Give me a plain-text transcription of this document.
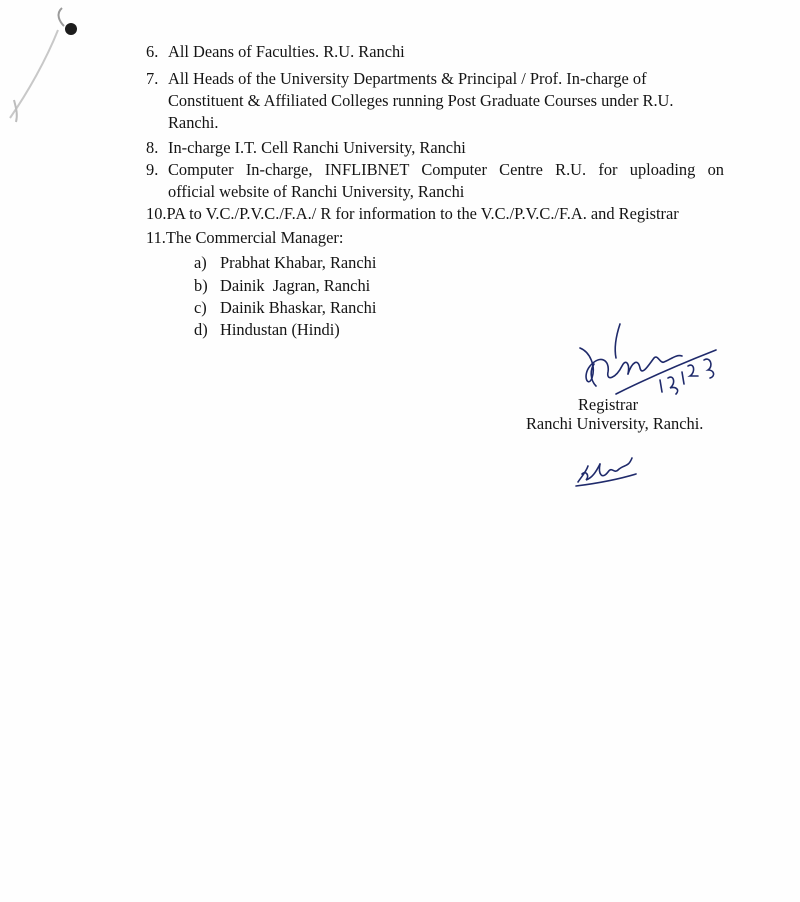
6. All Deans of Faculties. R.U. Ranchi
7. All Heads of the University Departments & Principal / Prof. In-charge of
Constituent & Affiliated Colleges running Post Graduate Courses under R.U.
Ranchi.
8. In-charge I.T. Cell Ranchi University, Ranchi
9. Computer In-charge, INFLIBNET Computer Centre R.U. for uploading on
official website of Ranchi University, Ranchi
10.PA to V.C./P.V.C./F.A./ R for information to the V.C./P.V.C./F.A. and Registrar
11.The Commercial Manager:
a) Prabhat Khabar, Ranchi
b) Dainik  Jagran, Ranchi
c) Dainik Bhaskar, Ranchi
d) Hindustan (Hindi)
Registrar
Ranchi University, Ranchi.
